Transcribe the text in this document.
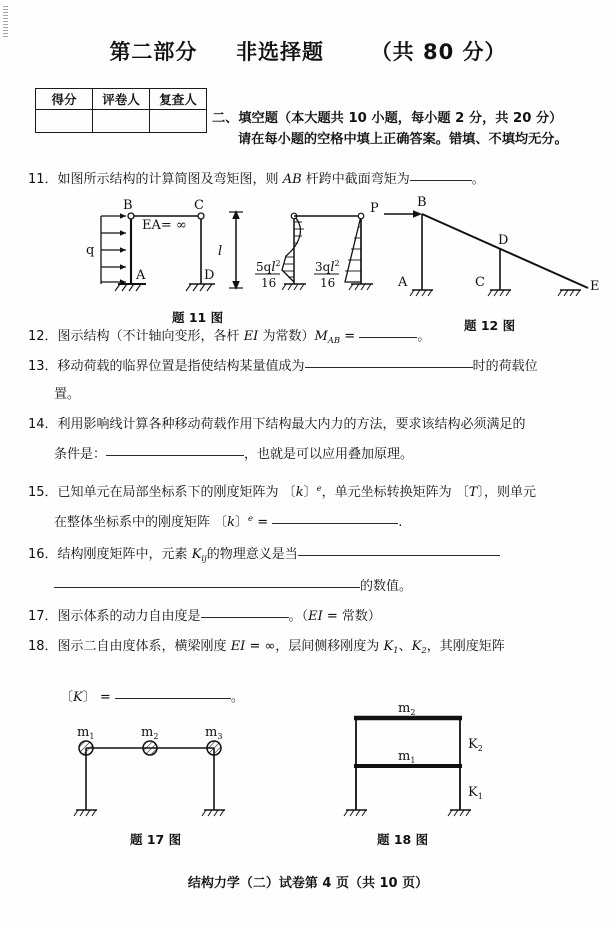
第二部分 非选择题 （共 80 分）
得分	评卷人	复查人

二、填空题（本大题共 10 小题，每小题 2 分，共 20 分）
请在每小题的空格中填上正确答案。错填、不填均无分。
11．如图所示结构的计算简图及弯矩图，则 AB 杆跨中截面弯矩为	。
B	C
A	D
q
EA= ∞
l
$5ql^2$
16
$3ql^2$
16
题 11 图
P	B
D
A	C	E
题 12 图
12．图示结构（不计轴向变形，各杆 EI 为常数）$M_{AB}$ =	。
13．移动荷载的临界位置是指使结构某量值成为	时的荷载位
置。
14．利用影响线计算各种移动荷载作用下结构最大内力的方法，要求该结构必须满足的
条件是：	，也就是可以应用叠加原理。
15．已知单元在局部坐标系下的刚度矩阵为 〔k〕$^e$，单元坐标转换矩阵为 〔T〕，则单元
在整体坐标系中的刚度矩阵 〔k〕$^e$ =	.
16．结构刚度矩阵中，元素 $K_{ij}$的物理意义是当
的数值。
17．图示体系的动力自由度是	。（EI = 常数）
18．图示二自由度体系，横梁刚度 EI = ∞，层间侧移刚度为 $K_1$、$K_2$，其刚度矩阵
〔K〕 =	。
$m_1$	$m_2$	$m_3$
题 17 图
$m_2$
$m_1$
$K_2$
$K_1$
题 18 图
结构力学（二）试卷第 4 页（共 10 页）
